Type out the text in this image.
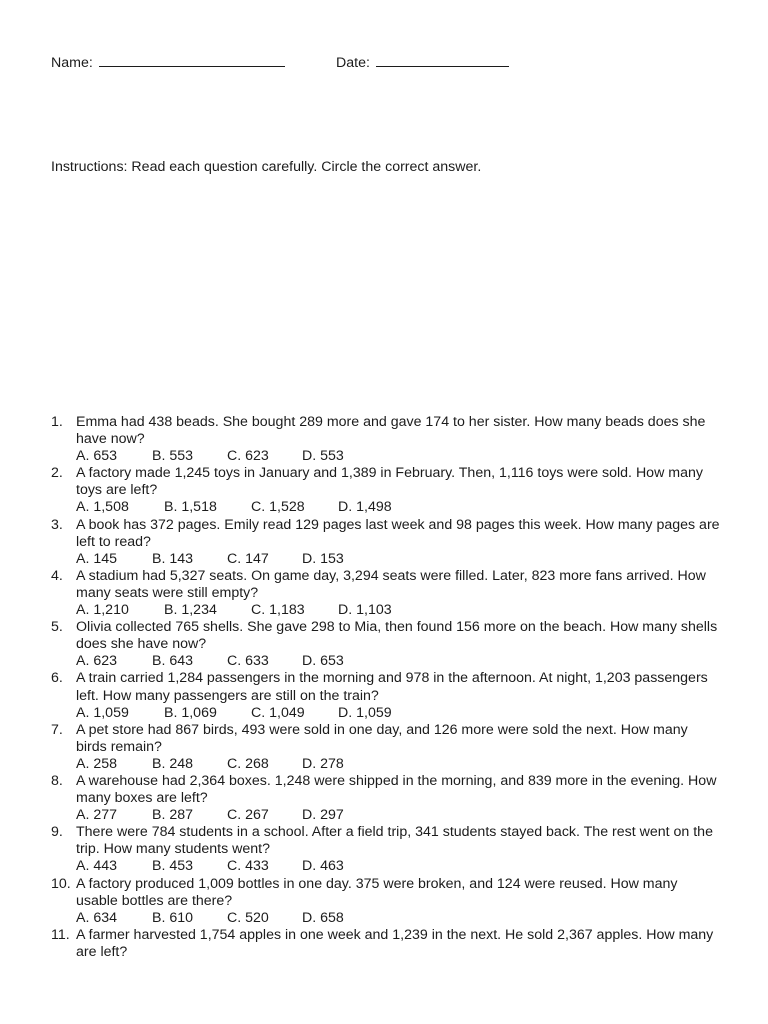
Name:	Date:
Instructions: Read each question carefully. Circle the correct answer.
1. Emma had 438 beads. She bought 289 more and gave 174 to her sister. How many beads does she have now?
A. 653 B. 553 C. 623 D. 553
2. A factory made 1,245 toys in January and 1,389 in February. Then, 1,116 toys were sold. How many toys are left?
A. 1,508 B. 1,518 C. 1,528 D. 1,498
3. A book has 372 pages. Emily read 129 pages last week and 98 pages this week. How many pages are left to read?
A. 145 B. 143 C. 147 D. 153
4. A stadium had 5,327 seats. On game day, 3,294 seats were filled. Later, 823 more fans arrived. How many seats were still empty?
A. 1,210 B. 1,234 C. 1,183 D. 1,103
5. Olivia collected 765 shells. She gave 298 to Mia, then found 156 more on the beach. How many shells does she have now?
A. 623 B. 643 C. 633 D. 653
6. A train carried 1,284 passengers in the morning and 978 in the afternoon. At night, 1,203 passengers left. How many passengers are still on the train?
A. 1,059 B. 1,069 C. 1,049 D. 1,059
7. A pet store had 867 birds, 493 were sold in one day, and 126 more were sold the next. How many birds remain?
A. 258 B. 248 C. 268 D. 278
8. A warehouse had 2,364 boxes. 1,248 were shipped in the morning, and 839 more in the evening. How many boxes are left?
A. 277 B. 287 C. 267 D. 297
9. There were 784 students in a school. After a field trip, 341 students stayed back. The rest went on the trip. How many students went?
A. 443 B. 453 C. 433 D. 463
10. A factory produced 1,009 bottles in one day. 375 were broken, and 124 were reused. How many usable bottles are there?
A. 634 B. 610 C. 520 D. 658
11. A farmer harvested 1,754 apples in one week and 1,239 in the next. He sold 2,367 apples. How many are left?
